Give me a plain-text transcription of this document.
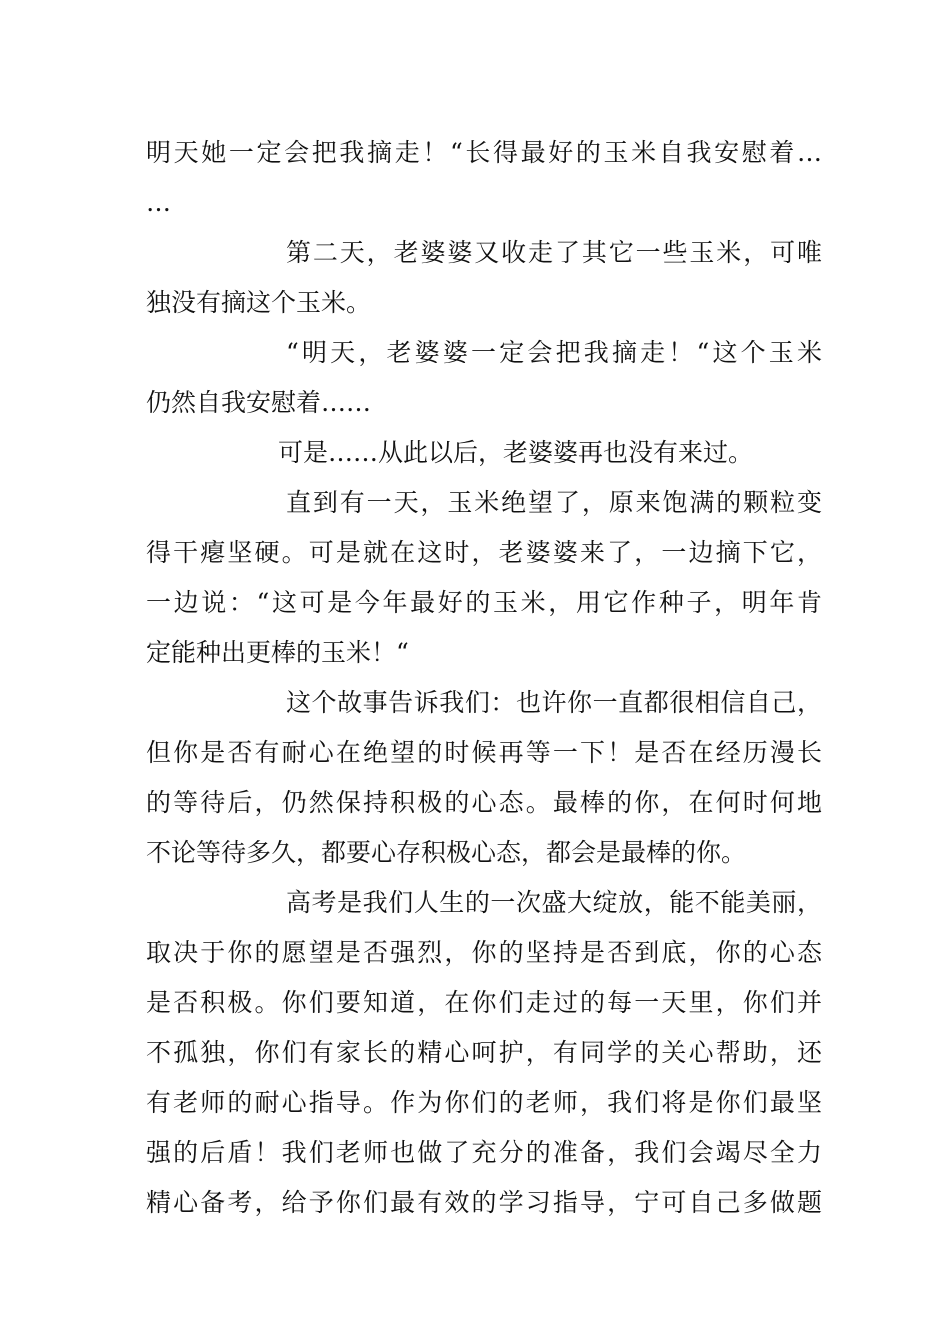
明天她一定会把我摘走！“长得最好的玉米自我安慰着…
…
第二天，老婆婆又收走了其它一些玉米，可唯
独没有摘这个玉米。
“明天，老婆婆一定会把我摘走！“这个玉米
仍然自我安慰着……
可是……从此以后，老婆婆再也没有来过。
直到有一天，玉米绝望了，原来饱满的颗粒变
得干瘪坚硬。可是就在这时，老婆婆来了，一边摘下它，
一边说：“这可是今年最好的玉米，用它作种子，明年肯
定能种出更棒的玉米！“
这个故事告诉我们：也许你一直都很相信自己，
但你是否有耐心在绝望的时候再等一下！是否在经历漫长
的等待后，仍然保持积极的心态。最棒的你，在何时何地
不论等待多久，都要心存积极心态，都会是最棒的你。
高考是我们人生的一次盛大绽放，能不能美丽，
取决于你的愿望是否强烈，你的坚持是否到底，你的心态
是否积极。你们要知道，在你们走过的每一天里，你们并
不孤独，你们有家长的精心呵护，有同学的关心帮助，还
有老师的耐心指导。作为你们的老师，我们将是你们最坚
强的后盾！我们老师也做了充分的准备，我们会竭尽全力
精心备考，给予你们最有效的学习指导，宁可自己多做题
